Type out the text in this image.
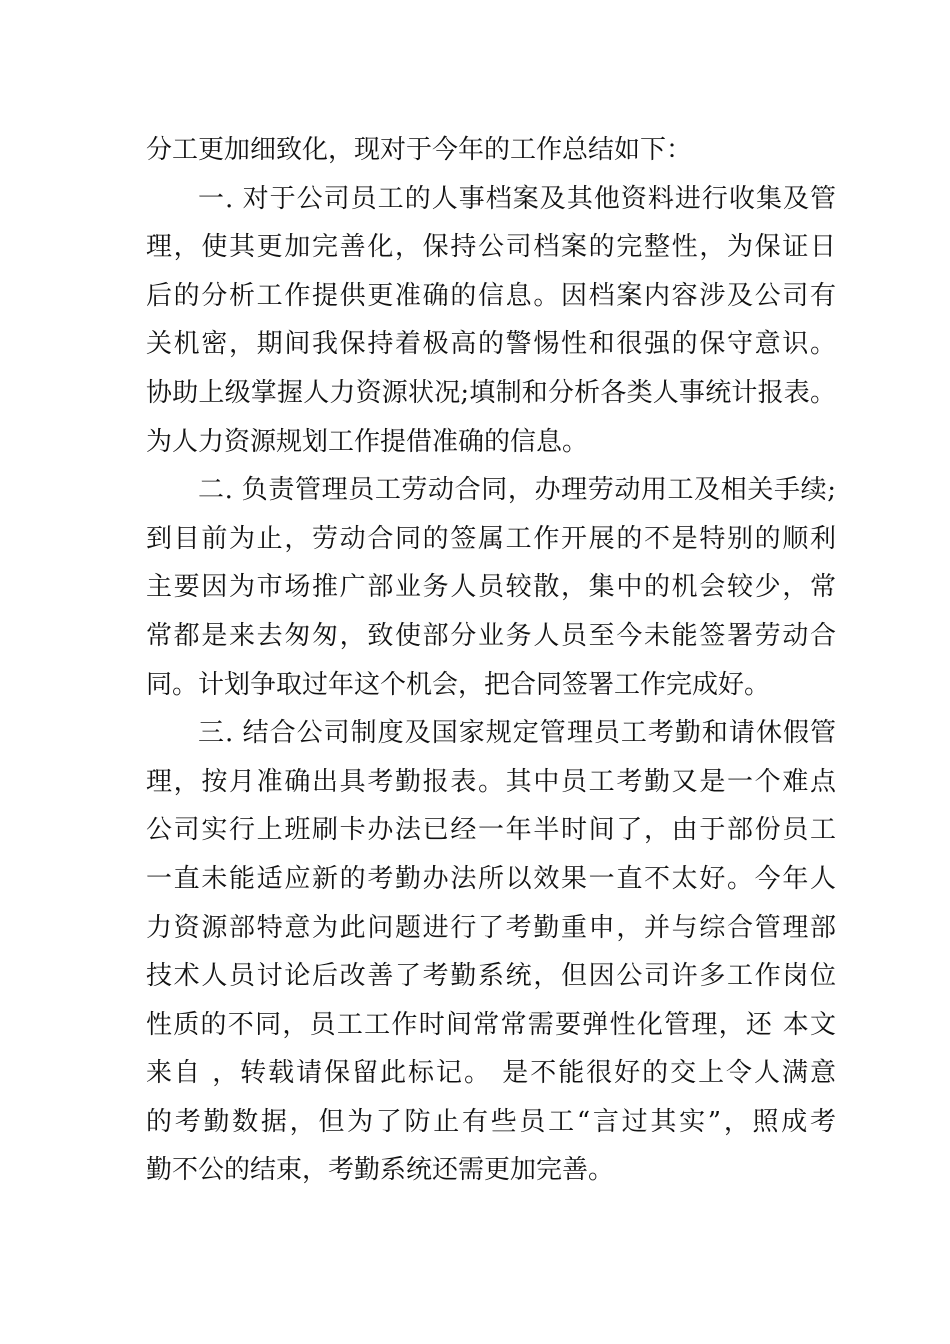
分工更加细致化，现对于今年的工作总结如下：
一. 对于公司员工的人事档案及其他资料进行收集及管
理，使其更加完善化，保持公司档案的完整性，为保证日
后的分析工作提供更准确的信息。因档案内容涉及公司有
关机密，期间我保持着极高的警惕性和很强的保守意识。
协助上级掌握人力资源状况;填制和分析各类人事统计报表。
为人力资源规划工作提借准确的信息。
二. 负责管理员工劳动合同，办理劳动用工及相关手续;
到目前为止，劳动合同的签属工作开展的不是特别的顺利
主要因为市场推广部业务人员较散，集中的机会较少，常
常都是来去匆匆，致使部分业务人员至今未能签署劳动合
同。计划争取过年这个机会，把合同签署工作完成好。
三. 结合公司制度及国家规定管理员工考勤和请休假管
理，按月准确出具考勤报表。其中员工考勤又是一个难点
公司实行上班刷卡办法已经一年半时间了，由于部份员工
一直未能适应新的考勤办法所以效果一直不太好。今年人
力资源部特意为此问题进行了考勤重申，并与综合管理部
技术人员讨论后改善了考勤系统，但因公司许多工作岗位
性质的不同，员工工作时间常常需要弹性化管理，还 本文
来自 ，转载请保留此标记。 是不能很好的交上令人满意
的考勤数据，但为了防止有些员工“言过其实”，照成考
勤不公的结束，考勤系统还需更加完善。
